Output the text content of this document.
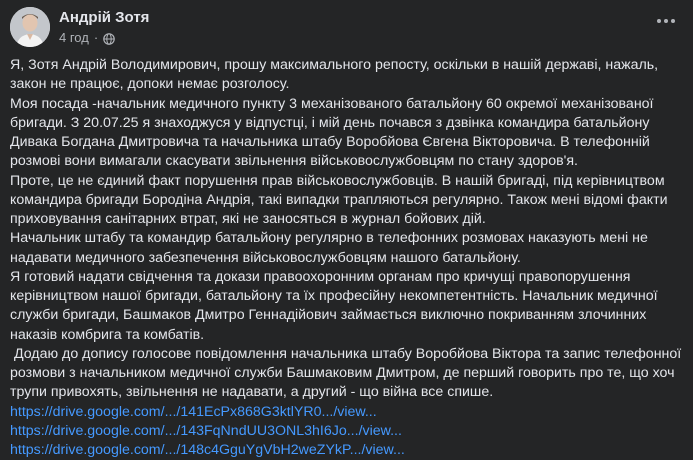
Андрій Зотя
4 год ·

Я, Зотя Андрій Володимирович, прошу максимального репосту, оскільки в нашій державі, нажаль, закон не працює, допоки немає розголосу.

Моя посада -начальник медичного пункту 3 механізованого батальйону 60 окремої механізованої бригади. З 20.07.25 я знаходжуся у відпустці, і мій день почався з дзвінка командира батальйону Дивака Богдана Дмитровича та начальника штабу Воробйова Євгена Вікторовича. В телефонній розмові вони вимагали скасувати звільнення військовослужбовцям по стану здоров'я.

Проте, це не єдиний факт порушення прав військовослужбовців. В нашій бригаді, під керівництвом командира бригади Бородіна Андрія, такі випадки трапляються регулярно. Також мені відомі факти приховування санітарних втрат, які не заносяться в журнал бойових дій.

Начальник штабу та командир батальйону регулярно в телефонних розмовах наказують мені не надавати медичного забезпечення військовослужбовцям нашого батальйону.

Я готовий надати свідчення та докази правоохоронним органам про кричущі правопорушення керівництвом нашої бригади, батальйону та їх професійну некомпетентність. Начальник медичної служби бригади, Башмаков Дмитро Геннадійович займається виключно покриванням злочинних наказів комбрига та комбатів.

Додаю до допису голосове повідомлення начальника штабу Воробйова Віктора та запис телефонної розмови з начальником медичної служби Башмаковим Дмитром, де перший говорить про те, що хоч трупи привохять, звільнення не надавати, а другий - що війна все спише.

https://drive.google.com/.../141EcPx868G3ktlYR0.../view...
https://drive.google.com/.../143FqNndUU3ONL3hI6Jo.../view...
https://drive.google.com/.../148c4GguYgVbH2weZYkP.../view...
